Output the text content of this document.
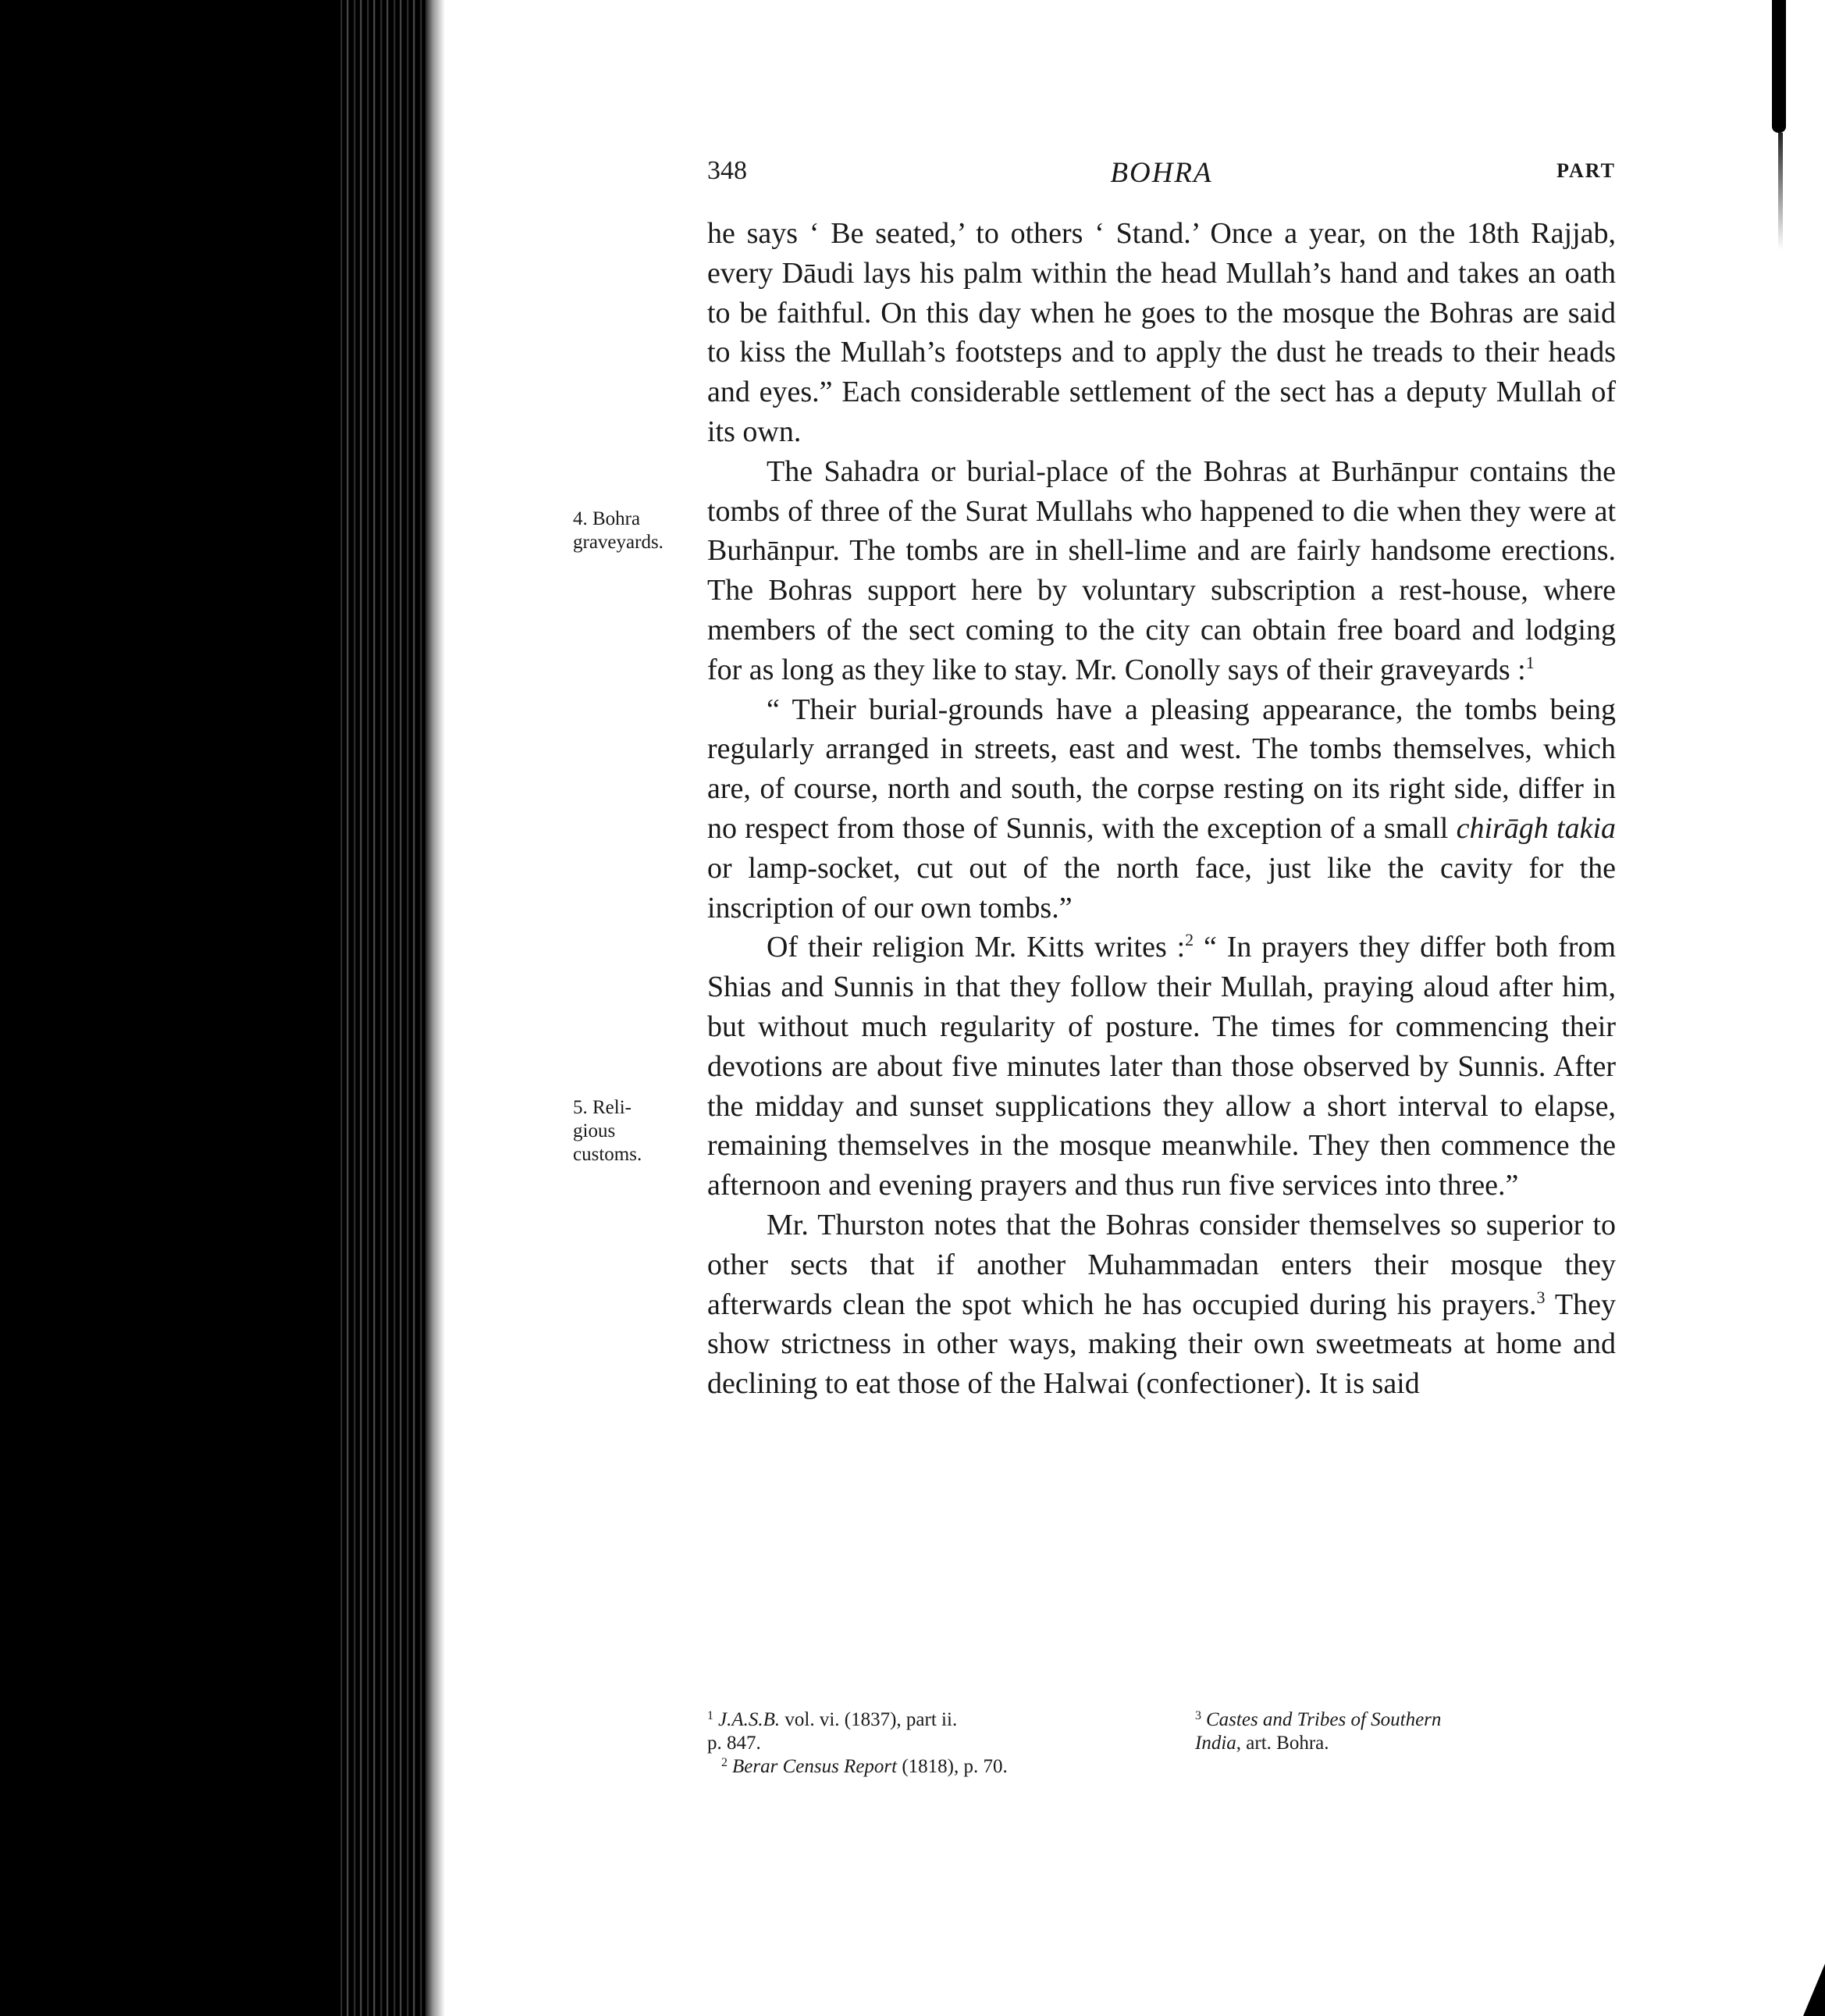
348	BOHRA	PART
4. Bohra
graveyards.
5. Reli-
gious
customs.

he says ‘ Be seated,’ to others ‘ Stand.’ Once a year, on the 18th Rajjab, every Dāudi lays his palm within the head Mullah’s hand and takes an oath to be faithful. On this day when he goes to the mosque the Bohras are said to kiss the Mullah’s footsteps and to apply the dust he treads to their heads and eyes.” Each considerable settlement of the sect has a deputy Mullah of its own.

The Sahadra or burial-place of the Bohras at Burhānpur contains the tombs of three of the Surat Mullahs who happened to die when they were at Burhānpur. The tombs are in shell-lime and are fairly handsome erections. The Bohras support here by voluntary subscription a rest-house, where members of the sect coming to the city can obtain free board and lodging for as long as they like to stay. Mr. Conolly says of their graveyards :$^1$

“ Their burial-grounds have a pleasing appearance, the tombs being regularly arranged in streets, east and west. The tombs themselves, which are, of course, north and south, the corpse resting on its right side, differ in no respect from those of Sunnis, with the exception of a small chirāgh takia or lamp-socket, cut out of the north face, just like the cavity for the inscription of our own tombs.”

Of their religion Mr. Kitts writes :$^2$ “ In prayers they differ both from Shias and Sunnis in that they follow their Mullah, praying aloud after him, but without much regularity of posture. The times for commencing their devotions are about five minutes later than those observed by Sunnis. After the midday and sunset supplications they allow a short interval to elapse, remaining themselves in the mosque meanwhile. They then commence the afternoon and evening prayers and thus run five services into three.”

Mr. Thurston notes that the Bohras consider themselves so superior to other sects that if another Muhammadan enters their mosque they afterwards clean the spot which he has occupied during his prayers.$^3$ They show strictness in other ways, making their own sweetmeats at home and declining to eat those of the Halwai (confectioner). It is said

$^1$ J.A.S.B. vol. vi. (1837), part ii.
p. 847.
$^2$ Berar Census Report (1818), p. 70.
$^3$ Castes and Tribes of Southern
India, art. Bohra.
